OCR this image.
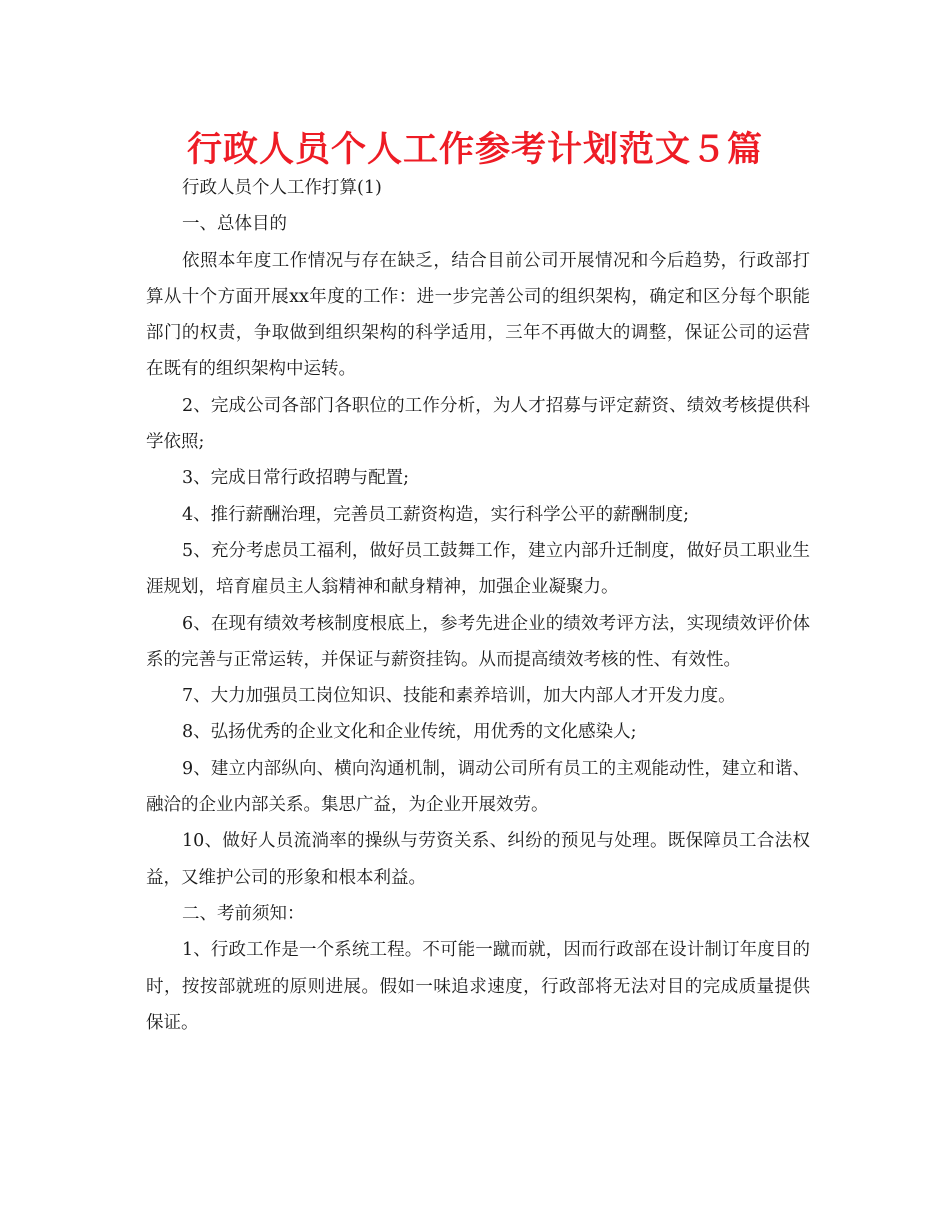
行政人员个人工作参考计划范文５篇

行政人员个人工作打算(1)

一、总体目的

依照本年度工作情况与存在缺乏，结合目前公司开展情况和今后趋势，行政部打算从十个方面开展xx年度的工作：进一步完善公司的组织架构，确定和区分每个职能部门的权责，争取做到组织架构的科学适用，三年不再做大的调整，保证公司的运营在既有的组织架构中运转。

2、完成公司各部门各职位的工作分析，为人才招募与评定薪资、绩效考核提供科学依照;

3、完成日常行政招聘与配置;

4、推行薪酬治理，完善员工薪资构造，实行科学公平的薪酬制度;

5、充分考虑员工福利，做好员工鼓舞工作，建立内部升迁制度，做好员工职业生涯规划，培育雇员主人翁精神和献身精神，加强企业凝聚力。

6、在现有绩效考核制度根底上，参考先进企业的绩效考评方法，实现绩效评价体系的完善与正常运转，并保证与薪资挂钩。从而提高绩效考核的性、有效性。

7、大力加强员工岗位知识、技能和素养培训，加大内部人才开发力度。

8、弘扬优秀的企业文化和企业传统，用优秀的文化感染人;

9、建立内部纵向、横向沟通机制，调动公司所有员工的主观能动性，建立和谐、融洽的企业内部关系。集思广益，为企业开展效劳。

10、做好人员流淌率的操纵与劳资关系、纠纷的预见与处理。既保障员工合法权益，又维护公司的形象和根本利益。

二、考前须知：

1、行政工作是一个系统工程。不可能一蹴而就，因而行政部在设计制订年度目的时，按按部就班的原则进展。假如一味追求速度，行政部将无法对目的完成质量提供保证。
